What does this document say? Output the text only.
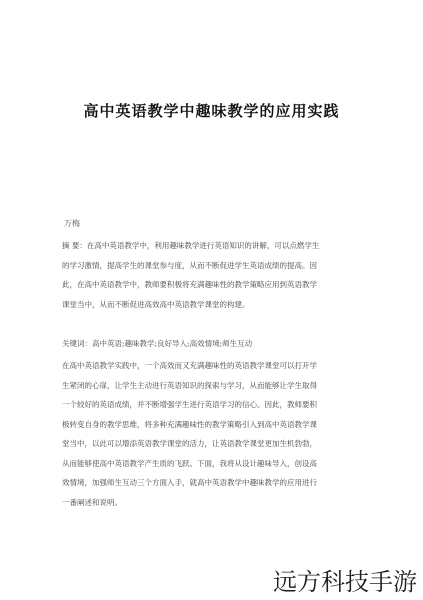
高中英语教学中趣味教学的应用实践
万梅
摘 要：在高中英语教学中，利用趣味教学进行英语知识的讲解，可以点燃学生
的学习激情，提高学生的课堂参与度，从而不断促进学生英语成绩的提高。因
此，在高中英语教学中，教师要积极将充满趣味性的教学策略应用到英语教学
课堂当中，从而不断促进高效高中英语教学课堂的构建。
关键词：高中英语;趣味教学;良好导入;高效情境;师生互动
在高中英语教学实践中，一个高效而又充满趣味性的英语教学课堂可以打开学
生紧闭的心扉，让学生主动进行英语知识的探索与学习，从而能够让学生取得
一个较好的英语成绩，并不断增强学生进行英语学习的信心。因此，教师要积
极转变自身的教学思维，将多种充满趣味性的教学策略引入到高中英语教学课
堂当中，以此可以增添英语教学课堂的活力，让英语教学课堂更加生机勃勃，
从而能够使高中英语教学产生质的飞跃。下面，我将从设计趣味导入，创设高
效情境，加强师生互动三个方面入手，就高中英语教学中趣味教学的应用进行
一番阐述和说明。
远方科技手游
